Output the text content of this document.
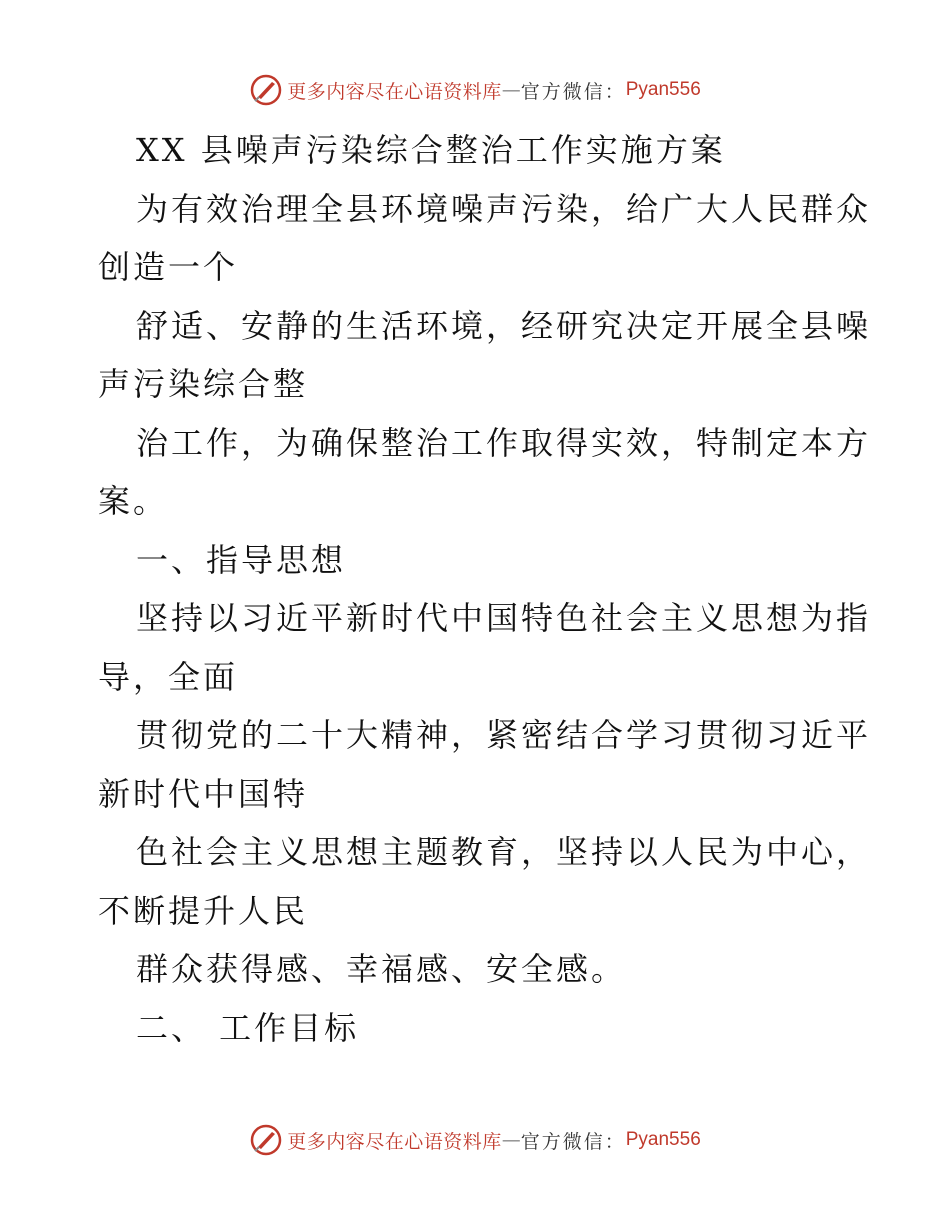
更多内容尽在心语资料库 — 官方微信： Pyan556
XX 县噪声污染综合整治工作实施方案
为有效治理全县环境噪声污染，给广大人民群众
创造一个
舒适、安静的生活环境，经研究决定开展全县噪
声污染综合整
治工作，为确保整治工作取得实效，特制定本方
案。
一、指导思想
坚持以习近平新时代中国特色社会主义思想为指
导，全面
贯彻党的二十大精神，紧密结合学习贯彻习近平
新时代中国特
色社会主义思想主题教育，坚持以人民为中心，
不断提升人民
群众获得感、幸福感、安全感。
二、 工作目标
更多内容尽在心语资料库 — 官方微信： Pyan556
